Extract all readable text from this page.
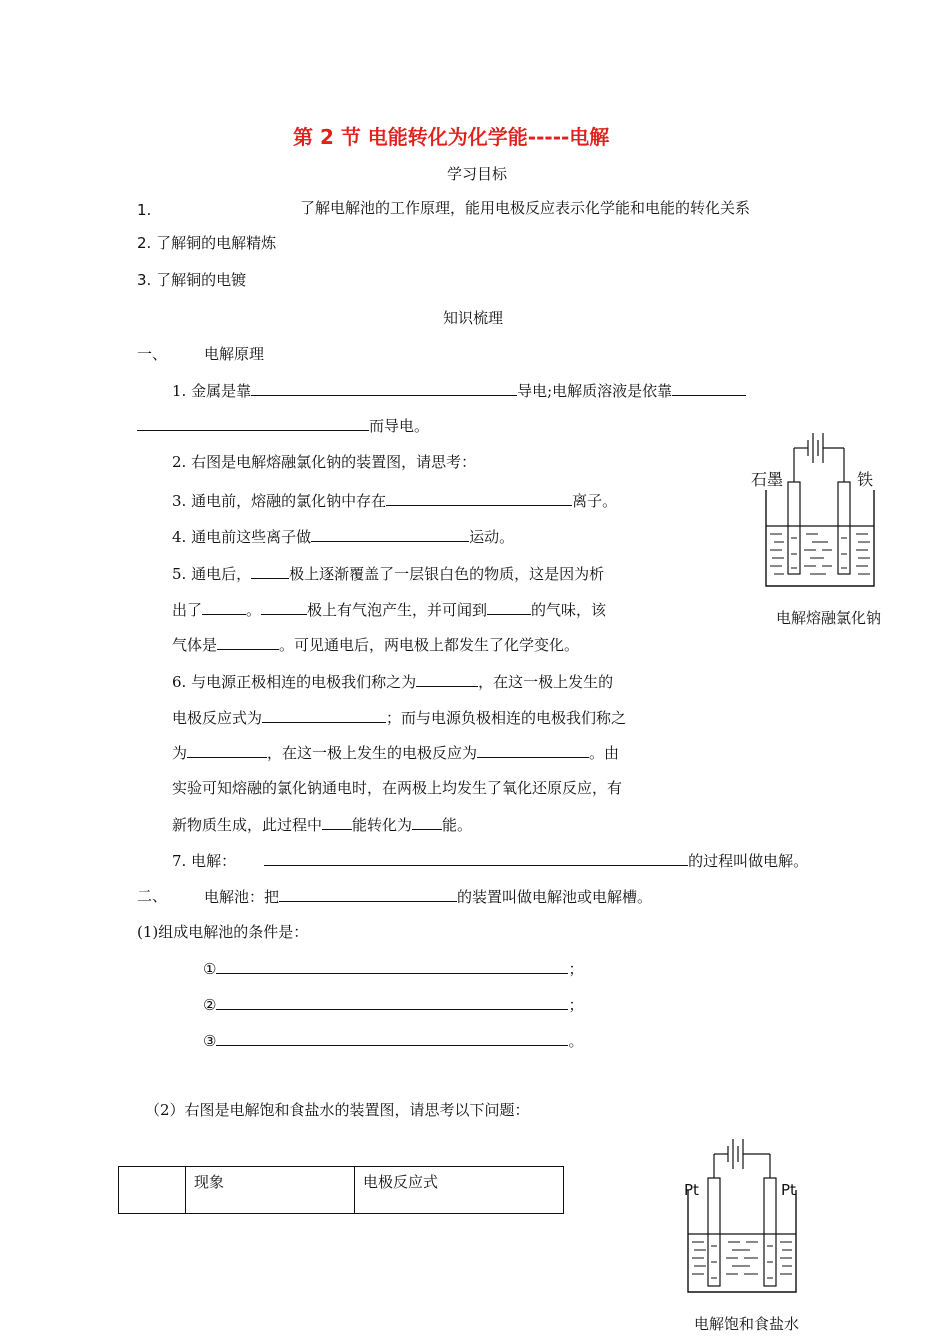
第 2 节 电能转化为化学能-----电解
学习目标
1.	了解电解池的工作原理，能用电极反应表示化学能和电能的转化关系
2. 了解铜的电解精炼
3. 了解铜的电镀
知识梳理
一、 电解原理
1. 金属是靠	导电;电解质溶液是依靠
而导电。
2. 右图是电解熔融氯化钠的装置图，请思考：
3. 通电前，熔融的氯化钠中存在	离子。
4. 通电前这些离子做	运动。
5. 通电后，	极上逐渐覆盖了一层银白色的物质，这是因为析
出了	。	极上有气泡产生，并可闻到	的气味，该
气体是	。可见通电后，两电极上都发生了化学变化。
6. 与电源正极相连的电极我们称之为	，在这一极上发生的
电极反应式为	；而与电源负极相连的电极我们称之
为	，在这一极上发生的电极反应为	。由
实验可知熔融的氯化钠通电时，在两极上均发生了氧化还原反应，有
新物质生成，此过程中 能转化为 能。
7. 电解：	的过程叫做电解。
二、 电解池：把	的装置叫做电解池或电解槽。
(1)组成电解池的条件是：
①	；
②	；
③	。
（2）右图是电解饱和食盐水的装置图，请思考以下问题：
	现象	电极反应式
石墨	铁
电解熔融氯化钠
Pt	Pt
电解饱和食盐水
